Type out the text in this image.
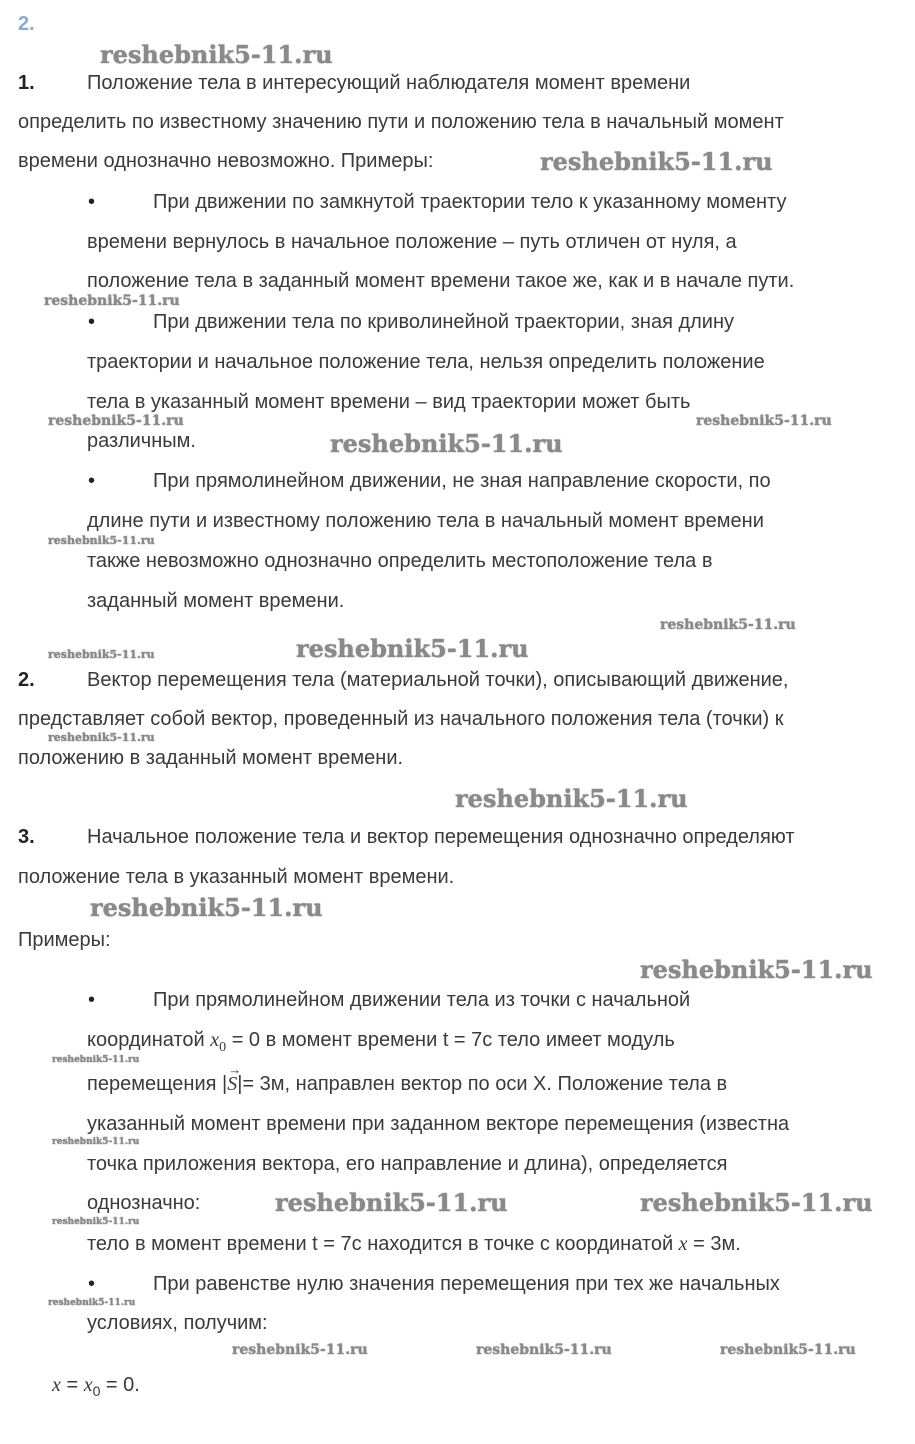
2.
1.	Положение тела в интересующий наблюдателя момент времени
определить по известному значению пути и положению тела в начальный момент
времени однозначно невозможно. Примеры:
•	При движении по замкнутой траектории тело к указанному моменту
времени вернулось в начальное положение – путь отличен от нуля, а
положение тела в заданный момент времени такое же, как и в начале пути.
•	При движении тела по криволинейной траектории, зная длину
траектории и начальное положение тела, нельзя определить положение
тела в указанный момент времени – вид траектории может быть
различным.
•	При прямолинейном движении, не зная направление скорости, по
длине пути и известному положению тела в начальный момент времени
также невозможно однозначно определить местоположение тела в
заданный момент времени.
2.	Вектор перемещения тела (материальной точки), описывающий движение,
представляет собой вектор, проведенный из начального положения тела (точки) к
положению в заданный момент времени.
3.	Начальное положение тела и вектор перемещения однозначно определяют
положение тела в указанный момент времени.
Примеры:
•	При прямолинейном движении тела из точки с начальной
координатой $x_0 = 0$ в момент времени t = 7с тело имеет модуль
перемещения |
→
S|= 3м, направлен вектор по оси X. Положение тела в
указанный момент времени при заданном векторе перемещения (известна
точка приложения вектора, его направление и длина), определяется
однозначно:
тело в момент времени t = 7с находится в точке с координатой x = 3м.
•	При равенстве нулю значения перемещения при тех же начальных
условиях, получим:
$x = x_0 = 0$.
reshebnik5-11.ru
reshebnik5-11.ru
reshebnik5-11.ru
reshebnik5-11.ru	reshebnik5-11.ru
reshebnik5-11.ru
reshebnik5-11.ru
reshebnik5-11.ru
reshebnik5-11.ru	reshebnik5-11.ru
reshebnik5-11.ru
reshebnik5-11.ru
reshebnik5-11.ru
reshebnik5-11.ru
reshebnik5-11.ru
reshebnik5-11.ru
reshebnik5-11.ru	reshebnik5-11.ru
reshebnik5-11.ru
reshebnik5-11.ru
reshebnik5-11.ru	reshebnik5-11.ru	reshebnik5-11.ru
